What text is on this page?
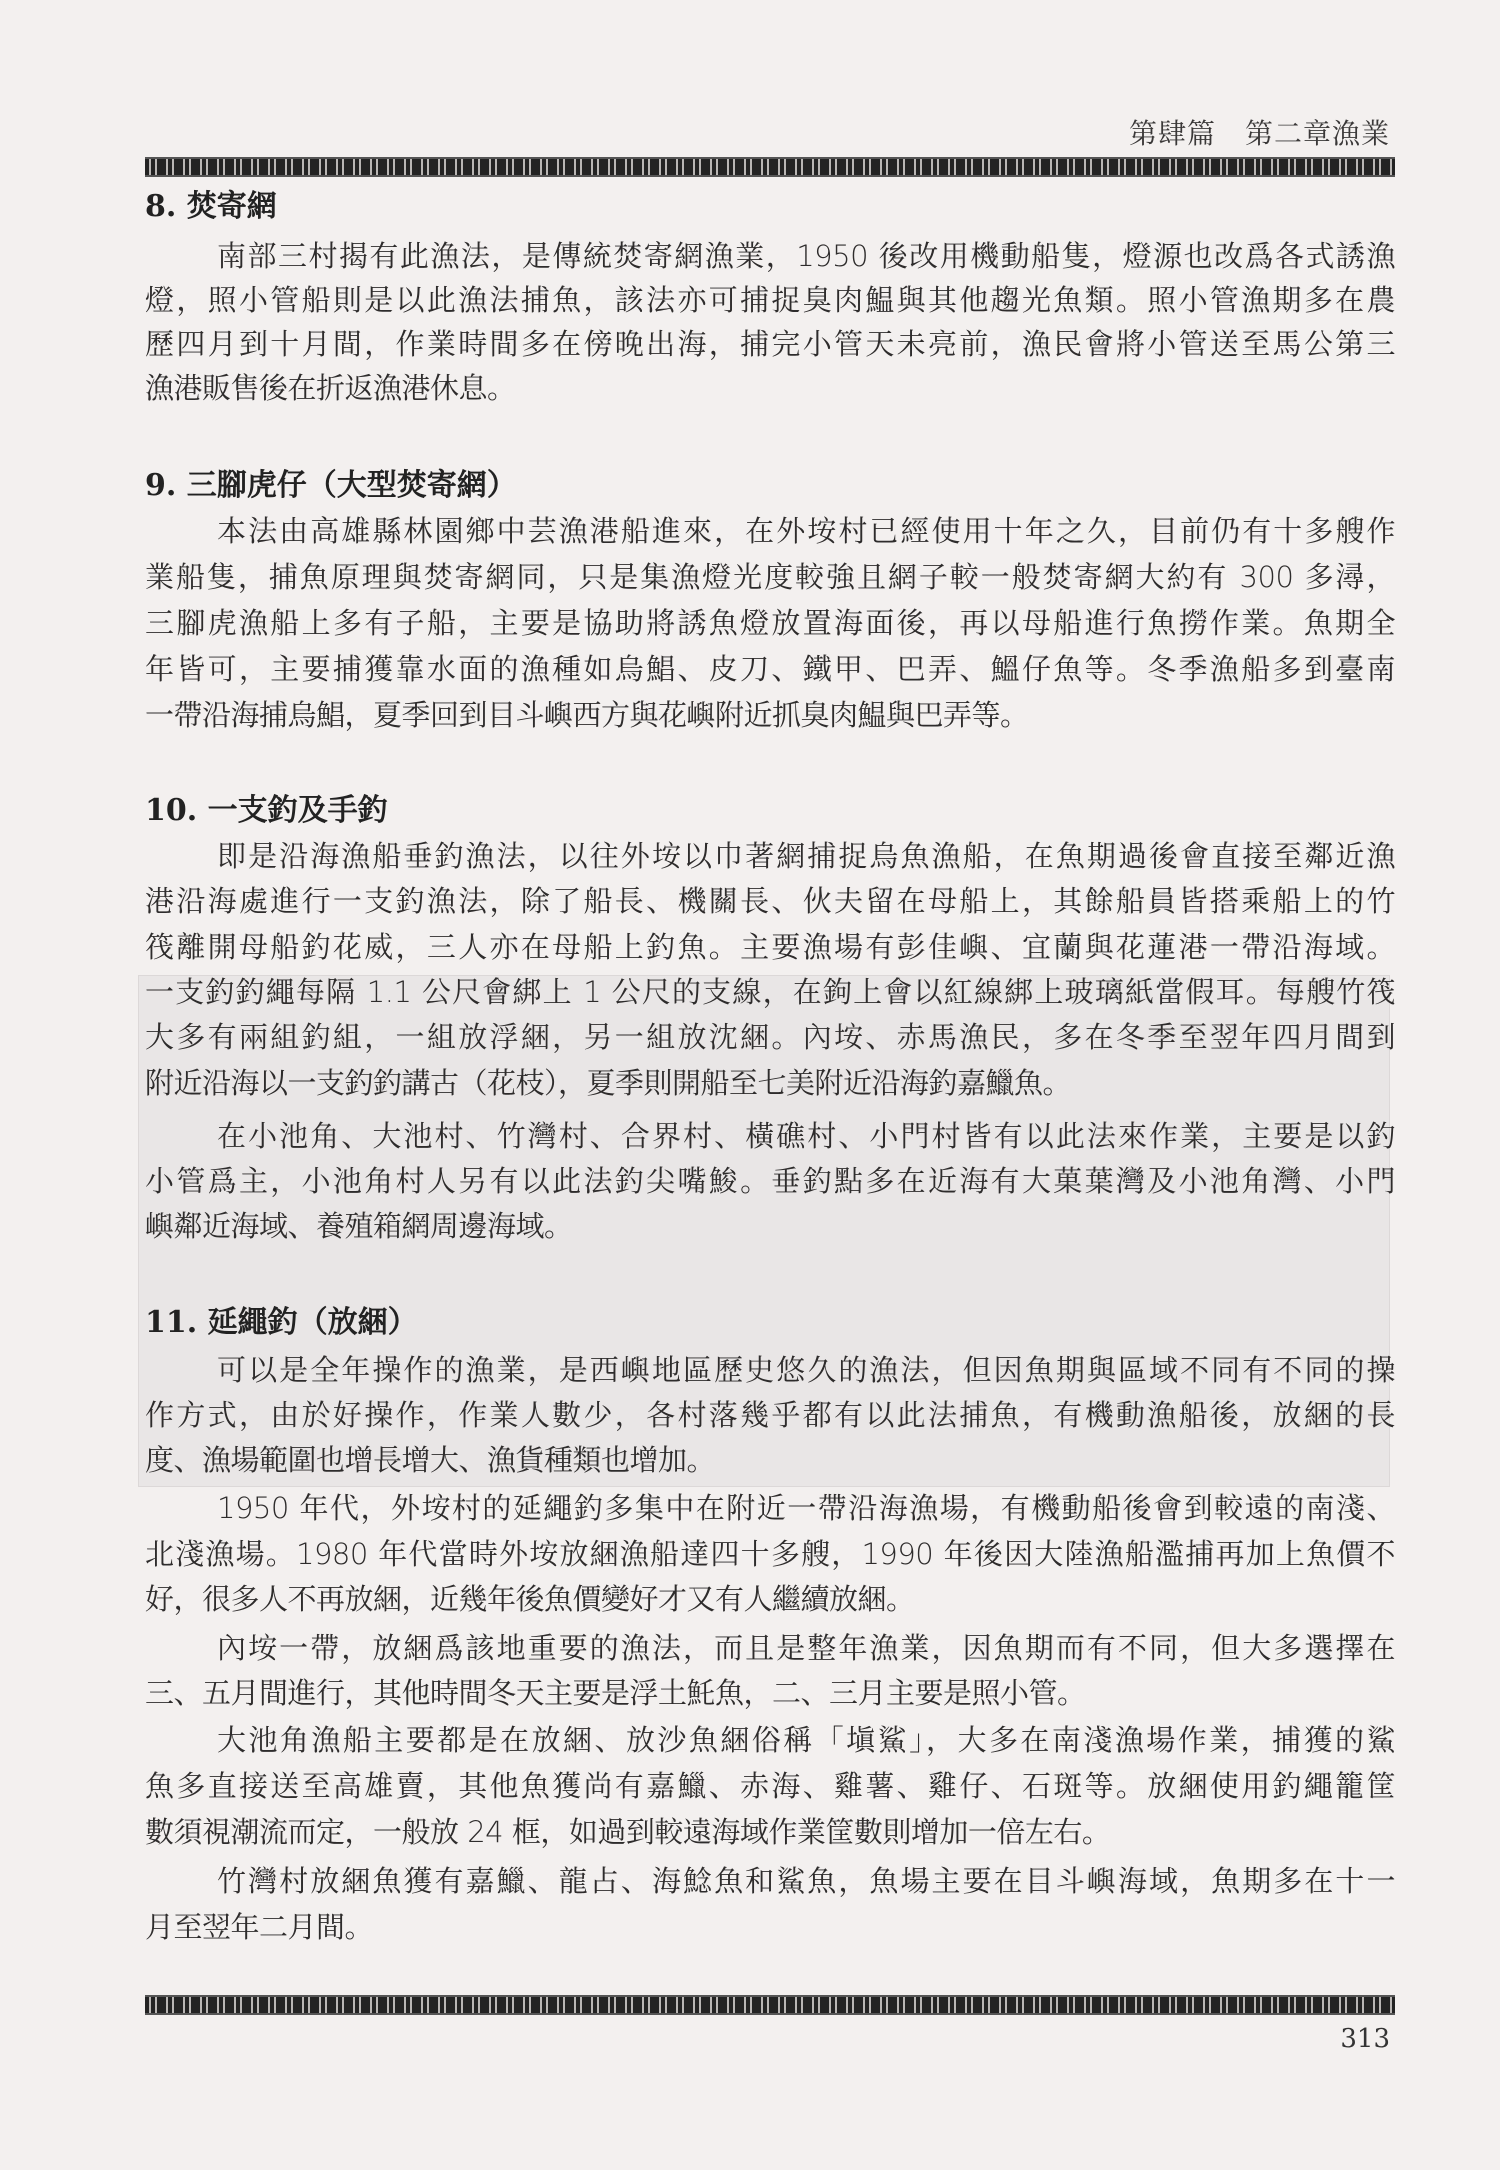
第肆篇　第二章漁業
8. 焚寄網
南部三村揭有此漁法，是傳統焚寄網漁業，1950 後改用機動船隻，燈源也改爲各式誘漁
燈，照小管船則是以此漁法捕魚，該法亦可捕捉臭肉鰛與其他趨光魚類。照小管漁期多在農
歷四月到十月間，作業時間多在傍晚出海，捕完小管天未亮前，漁民會將小管送至馬公第三
漁港販售後在折返漁港休息。
9. 三腳虎仔（大型焚寄網）
本法由高雄縣林園鄉中芸漁港船進來，在外垵村已經使用十年之久，目前仍有十多艘作
業船隻，捕魚原理與焚寄網同，只是集漁燈光度較強且網子較一般焚寄網大約有 300 多潯，
三腳虎漁船上多有子船，主要是協助將誘魚燈放置海面後，再以母船進行魚撈作業。魚期全
年皆可，主要捕獲靠水面的漁種如烏鯧、皮刀、鐵甲、巴弄、鰮仔魚等。冬季漁船多到臺南
一帶沿海捕烏鯧，夏季回到目斗嶼西方與花嶼附近抓臭肉鰛與巴弄等。
10. 一支釣及手釣
即是沿海漁船垂釣漁法，以往外垵以巾著網捕捉烏魚漁船，在魚期過後會直接至鄰近漁
港沿海處進行一支釣漁法，除了船長、機關長、伙夫留在母船上，其餘船員皆搭乘船上的竹
筏離開母船釣花威，三人亦在母船上釣魚。主要漁場有彭佳嶼、宜蘭與花蓮港一帶沿海域。
一支釣釣繩每隔 1.1 公尺會綁上 1 公尺的支線，在鉤上會以紅線綁上玻璃紙當假耳。每艘竹筏
大多有兩組釣組，一組放浮綑，另一組放沈綑。內垵、赤馬漁民，多在冬季至翌年四月間到
附近沿海以一支釣釣講古（花枝），夏季則開船至七美附近沿海釣嘉鱲魚。
在小池角、大池村、竹灣村、合界村、橫礁村、小門村皆有以此法來作業，主要是以釣
小管爲主，小池角村人另有以此法釣尖嘴鮻。垂釣點多在近海有大菓葉灣及小池角灣、小門
嶼鄰近海域、養殖箱網周邊海域。
11. 延繩釣（放綑）
可以是全年操作的漁業，是西嶼地區歷史悠久的漁法，但因魚期與區域不同有不同的操
作方式，由於好操作，作業人數少，各村落幾乎都有以此法捕魚，有機動漁船後，放綑的長
度、漁場範圍也增長增大、漁貨種類也增加。
1950 年代，外垵村的延繩釣多集中在附近一帶沿海漁場，有機動船後會到較遠的南淺、
北淺漁場。1980 年代當時外垵放綑漁船達四十多艘，1990 年後因大陸漁船濫捕再加上魚價不
好，很多人不再放綑，近幾年後魚價變好才又有人繼續放綑。
內垵一帶，放綑爲該地重要的漁法，而且是整年漁業，因魚期而有不同，但大多選擇在
三、五月間進行，其他時間冬天主要是浮土魠魚，二、三月主要是照小管。
大池角漁船主要都是在放綑、放沙魚綑俗稱「塡鯊」，大多在南淺漁場作業，捕獲的鯊
魚多直接送至高雄賣，其他魚獲尚有嘉鱲、赤海、雞薯、雞仔、石斑等。放綑使用釣繩籠筐
數須視潮流而定，一般放 24 框，如過到較遠海域作業筐數則增加一倍左右。
竹灣村放綑魚獲有嘉鱲、龍占、海鯰魚和鯊魚，魚場主要在目斗嶼海域，魚期多在十一
月至翌年二月間。
313
